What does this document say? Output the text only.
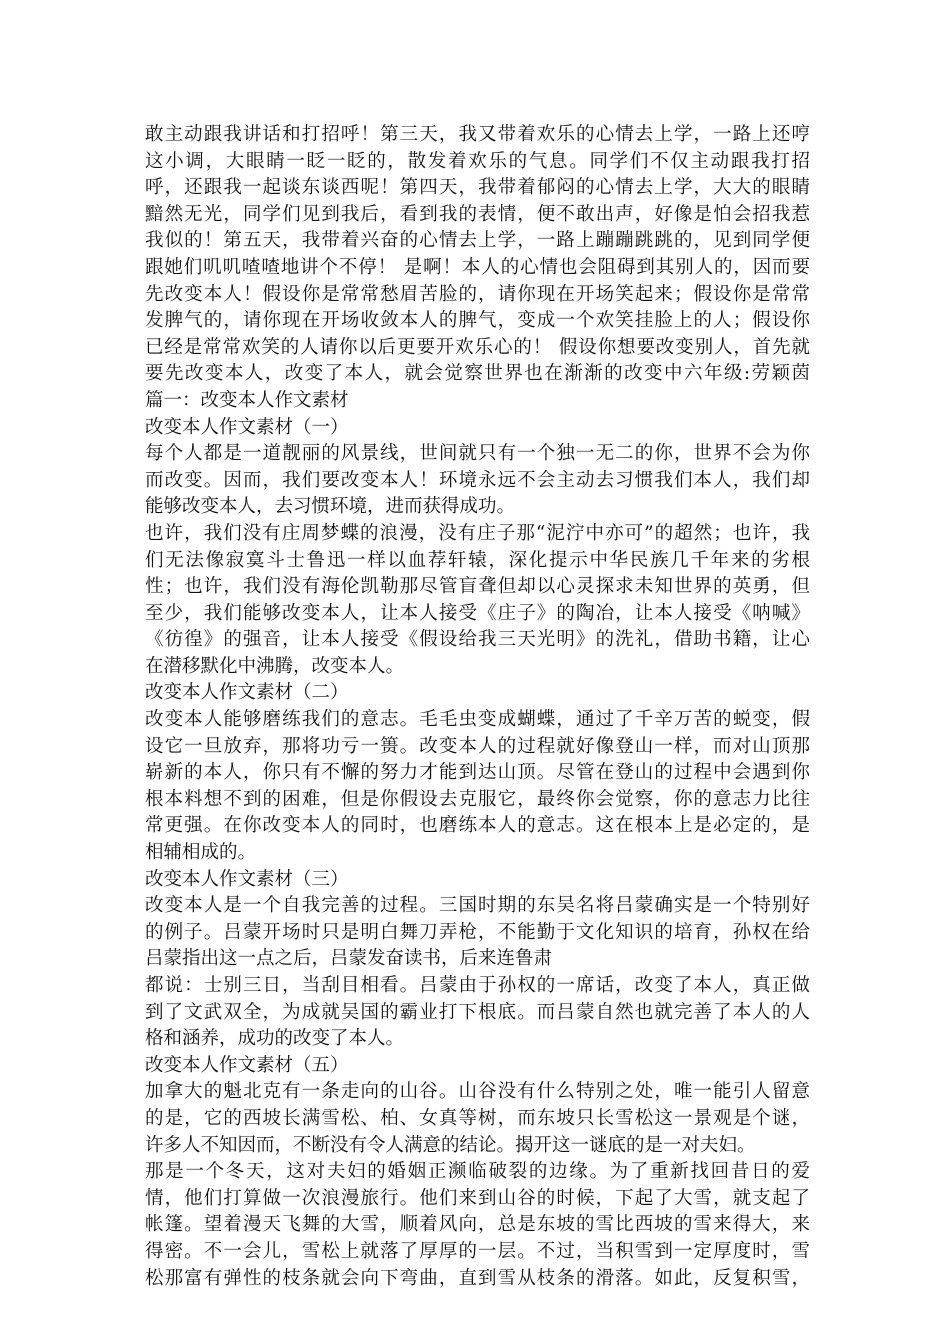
敢主动跟我讲话和打招呼！第三天，我又带着欢乐的心情去上学，一路上还哼
这小调，大眼睛一眨一眨的，散发着欢乐的气息。同学们不仅主动跟我打招
呼，还跟我一起谈东谈西呢！第四天，我带着郁闷的心情去上学，大大的眼睛
黯然无光，同学们见到我后，看到我的表情，便不敢出声，好像是怕会招我惹
我似的！第五天，我带着兴奋的心情去上学，一路上蹦蹦跳跳的，见到同学便
跟她们叽叽喳喳地讲个不停！ 是啊！本人的心情也会阻碍到其别人的，因而要
先改变本人！假设你是常常愁眉苦脸的，请你现在开场笑起来；假设你是常常
发脾气的，请你现在开场收敛本人的脾气，变成一个欢笑挂脸上的人；假设你
已经是常常欢笑的人请你以后更要开欢乐心的！ 假设你想要改变别人，首先就
要先改变本人，改变了本人，就会觉察世界也在渐渐的改变中六年级:劳颖茵
篇一：改变本人作文素材
改变本人作文素材（一）
每个人都是一道靓丽的风景线，世间就只有一个独一无二的你，世界不会为你
而改变。因而，我们要改变本人！环境永远不会主动去习惯我们本人，我们却
能够改变本人，去习惯环境，进而获得成功。
也许，我们没有庄周梦蝶的浪漫，没有庄子那“泥泞中亦可”的超然；也许，我
们无法像寂寞斗士鲁迅一样以血荐轩辕，深化提示中华民族几千年来的劣根
性；也许，我们没有海伦凯勒那尽管盲聋但却以心灵探求未知世界的英勇，但
至少，我们能够改变本人，让本人接受《庄子》的陶冶，让本人接受《呐喊》
《彷徨》的强音，让本人接受《假设给我三天光明》的洗礼，借助书籍，让心
在潜移默化中沸腾，改变本人。
改变本人作文素材（二）
改变本人能够磨练我们的意志。毛毛虫变成蝴蝶，通过了千辛万苦的蜕变，假
设它一旦放弃，那将功亏一篑。改变本人的过程就好像登山一样，而对山顶那
崭新的本人，你只有不懈的努力才能到达山顶。尽管在登山的过程中会遇到你
根本料想不到的困难，但是你假设去克服它，最终你会觉察，你的意志力比往
常更强。在你改变本人的同时，也磨练本人的意志。这在根本上是必定的，是
相辅相成的。
改变本人作文素材（三）
改变本人是一个自我完善的过程。三国时期的东吴名将吕蒙确实是一个特别好
的例子。吕蒙开场时只是明白舞刀弄枪，不能勤于文化知识的培育，孙权在给
吕蒙指出这一点之后，吕蒙发奋读书，后来连鲁肃
都说：士别三日，当刮目相看。吕蒙由于孙权的一席话，改变了本人，真正做
到了文武双全，为成就吴国的霸业打下根底。而吕蒙自然也就完善了本人的人
格和涵养，成功的改变了本人。
改变本人作文素材（五）
加拿大的魁北克有一条走向的山谷。山谷没有什么特别之处，唯一能引人留意
的是，它的西坡长满雪松、柏、女真等树，而东坡只长雪松这一景观是个谜，
许多人不知因而，不断没有令人满意的结论。揭开这一谜底的是一对夫妇。
那是一个冬天，这对夫妇的婚姻正濒临破裂的边缘。为了重新找回昔日的爱
情，他们打算做一次浪漫旅行。他们来到山谷的时候，下起了大雪，就支起了
帐篷。望着漫天飞舞的大雪，顺着风向，总是东坡的雪比西坡的雪来得大，来
得密。不一会儿，雪松上就落了厚厚的一层。不过，当积雪到一定厚度时，雪
松那富有弹性的枝条就会向下弯曲，直到雪从枝条的滑落。如此，反复积雪，
